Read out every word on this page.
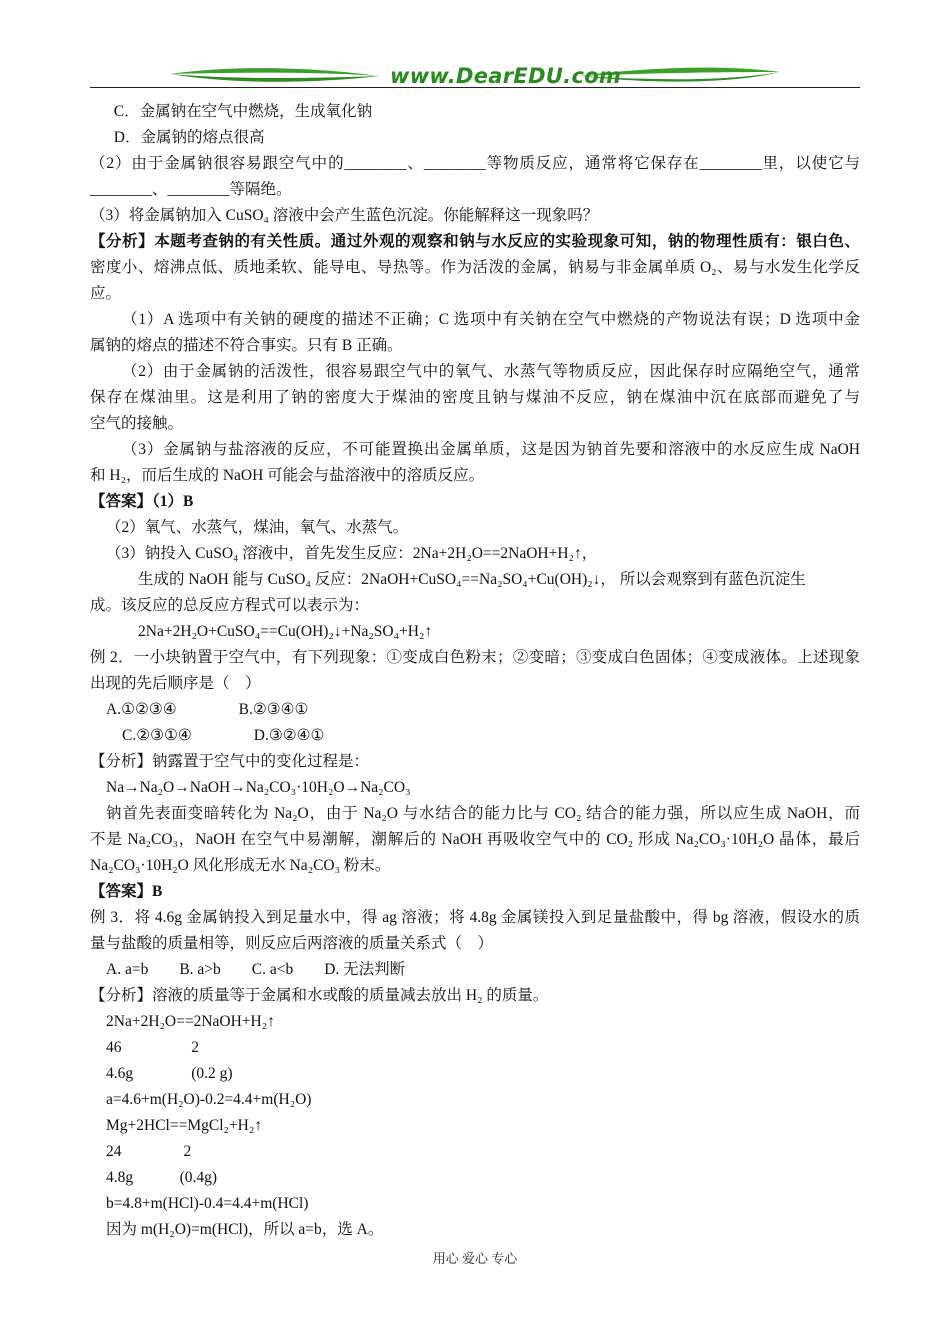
www.DearEDU.com
C．金属钠在空气中燃烧，生成氧化钠
D．金属钠的熔点很高
（2）由于金属钠很容易跟空气中的________、________等物质反应，通常将它保存在________里，以使它与
________、________等隔绝。
（3）将金属钠加入 CuSO₄ 溶液中会产生蓝色沉淀。你能解释这一现象吗？
【分析】本题考查钠的有关性质。通过外观的观察和钠与水反应的实验现象可知，钠的物理性质有：银白色、
密度小、熔沸点低、质地柔软、能导电、导热等。作为活泼的金属，钠易与非金属单质 O₂、易与水发生化学反
应。
（1）A 选项中有关钠的硬度的描述不正确；C 选项中有关钠在空气中燃烧的产物说法有误；D 选项中金
属钠的熔点的描述不符合事实。只有 B 正确。
（2）由于金属钠的活泼性，很容易跟空气中的氧气、水蒸气等物质反应，因此保存时应隔绝空气，通常
保存在煤油里。这是利用了钠的密度大于煤油的密度且钠与煤油不反应，钠在煤油中沉在底部而避免了与
空气的接触。
（3）金属钠与盐溶液的反应，不可能置换出金属单质，这是因为钠首先要和溶液中的水反应生成 NaOH
和 H₂，而后生成的 NaOH 可能会与盐溶液中的溶质反应。
【答案】（1）B
（2）氧气、水蒸气，煤油，氧气、水蒸气。
（3）钠投入 CuSO₄ 溶液中，首先发生反应：2Na+2H₂O==2NaOH+H₂↑，
生成的 NaOH 能与 CuSO₄ 反应：2NaOH+CuSO₄==Na₂SO₄+Cu(OH)₂↓， 所以会观察到有蓝色沉淀生
成。该反应的总反应方程式可以表示为：
2Na+2H₂O+CuSO₄==Cu(OH)₂↓+Na₂SO₄+H₂↑
例 2．一小块钠置于空气中，有下列现象：①变成白色粉末；②变暗；③变成白色固体；④变成液体。上述现象
出现的先后顺序是（    ）
A.①②③④                B.②③④①
C.②③①④                D.③②④①
【分析】钠露置于空气中的变化过程是：
Na→Na₂O→NaOH→Na₂CO₃·10H₂O→Na₂CO₃
钠首先表面变暗转化为 Na₂O，由于 Na₂O 与水结合的能力比与 CO₂ 结合的能力强，所以应生成 NaOH，而
不是 Na₂CO₃，NaOH 在空气中易潮解，潮解后的 NaOH 再吸收空气中的 CO₂ 形成 Na₂CO₃·10H₂O 晶体，最后
Na₂CO₃·10H₂O 风化形成无水 Na₂CO₃ 粉末。
【答案】B
例 3．将 4.6g 金属钠投入到足量水中，得 ag 溶液；将 4.8g 金属镁投入到足量盐酸中，得 bg 溶液，假设水的质
量与盐酸的质量相等，则反应后两溶液的质量关系式（    ）
A. a=b        B. a>b        C. a<b        D. 无法判断
【分析】溶液的质量等于金属和水或酸的质量减去放出 H₂ 的质量。
2Na+2H₂O==2NaOH+H₂↑
46                  2
4.6g               (0.2 g)
a=4.6+m(H₂O)-0.2=4.4+m(H₂O)
Mg+2HCl==MgCl₂+H₂↑
24                2
4.8g            (0.4g)
b=4.8+m(HCl)-0.4=4.4+m(HCl)
因为 m(H₂O)=m(HCl)，所以 a=b，选 A。
用心 爱心 专心
